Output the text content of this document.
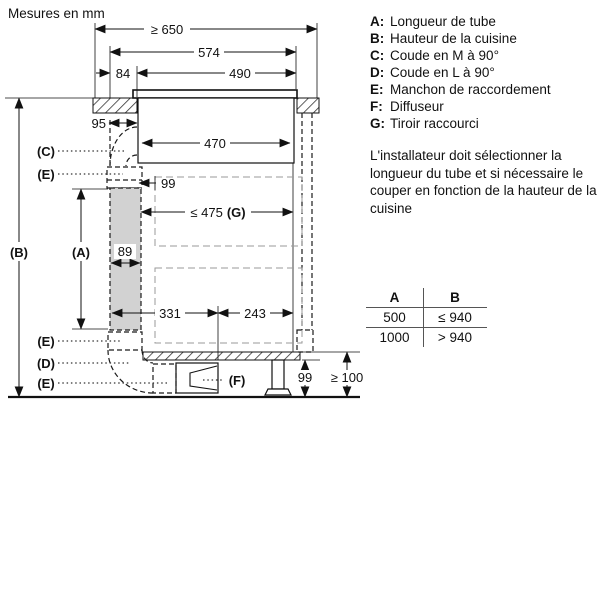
Mesures en mm
≥ 650
574
84	490
95
470
99
≤ 475 (G)
89
331	243
99 ≥ 100
(B)	(A)
(C)
(E)
(E)
(D)
(E)	(F)
A: Longueur de tube
B: Hauteur de la cuisine
C: Coude en M à 90°
D: Coude en L à 90°
E: Manchon de raccordement
F: Diffuseur
G: Tiroir raccourci
L'installateur doit sélectionner la longueur du tube et si nécessaire le couper en fonction de la hauteur de la cuisine
A	B
500	≤ 940
1000	> 940
